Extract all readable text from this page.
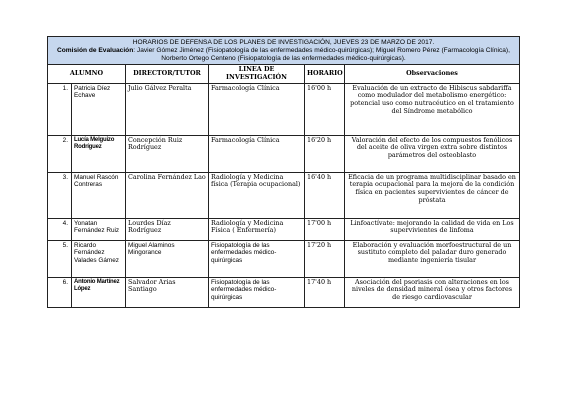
HORARIOS DE DEFENSA DE LOS PLANES DE INVESTIGACIÓN, JUEVES 23 DE MARZO DE 2017.
Comisión de Evaluación: Javier Gómez Jiménez (Fisiopatología de las enfermedades médico-quirúrgicas); Miguel Romero Pérez (Farmacología Clínica), Norberto Ortego Centeno (Fisiopatología de las enfermedades médico-quirúrgicas).					

ALUMNO		DIRECTOR/TUTOR	LINEA DE INVESTIGACIÓN	HORARIO	Observaciones
1.	Patricia Díez Echave	Julio Gálvez Peralta	Farmacología Clínica	16'00 h	Evaluación de un extracto de Hibiscus sabdariffa como modulador del metabolismo energético: potencial uso como nutracéutico en el tratamiento del Síndrome metabólico
2.	Lucía Melguizo Rodríguez	Concepción Ruiz Rodríguez	Farmacología Clínica	16'20 h	Valoración del efecto de los compuestos fenólicos del aceite de oliva virgen extra sobre distintos parámetros del osteoblasto
3.	Manuel Rascón Contreras	Carolina Fernández Lao	Radiología y Medicina física (Terapia ocupacional)	16'40 h	Eficacia de un programa multidisciplinar basado en terapia ocupacional para la mejora de la condición física en pacientes supervivientes de cáncer de próstata
4.	Yonatan Fernández Ruiz	Lourdes Díaz Rodríguez	Radiología y Medicina Física ( Enfermería)	17'00 h	Linfoactívate: mejorando la calidad de vida en Los supervivientes de linfoma
5.	Ricardo Fernández Valades Gámez	Miguel Alaminos Mingorance	Fisiopatología de las enfermedades médico-quirúrgicas	17'20 h	Elaboración y evaluación morfoestructural de un sustituto completo del paladar duro generado mediante ingeniería tisular
6.	Antonio Martínez López	Salvador Arias Santiago	Fisiopatología de las enfermedades médico-quirúrgicas	17'40 h	Asociación del psoriasis con alteraciones en los niveles de densidad mineral ósea y otros factores de riesgo cardiovascular
